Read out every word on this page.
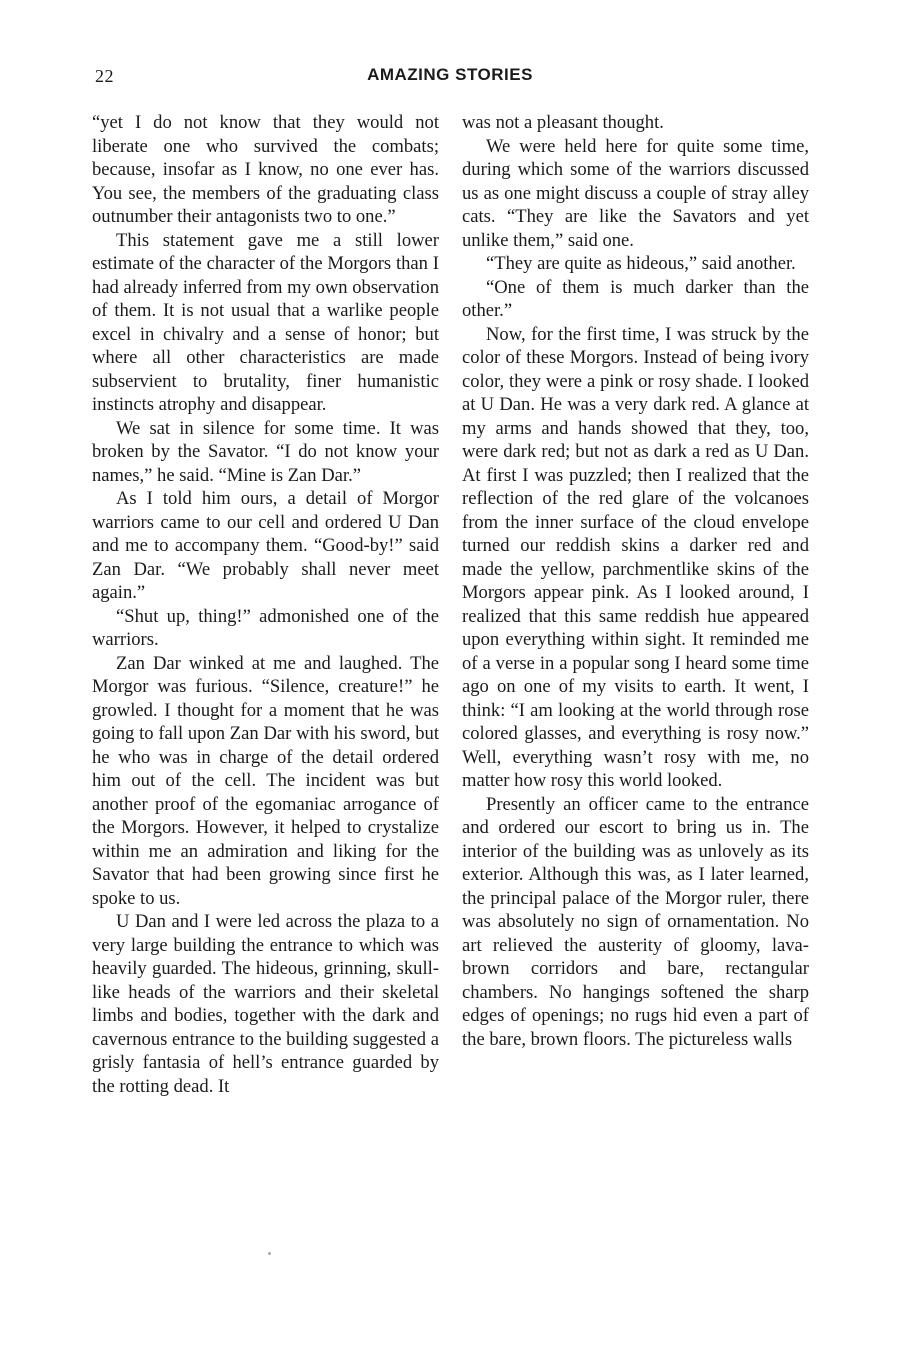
22	AMAZING STORIES

“yet I do not know that they would not liberate one who survived the combats; because, insofar as I know, no one ever has. You see, the members of the graduating class outnumber their antagonists two to one.”

This statement gave me a still lower estimate of the character of the Morgors than I had already inferred from my own observation of them. It is not usual that a warlike people excel in chivalry and a sense of honor; but where all other characteristics are made subservient to brutality, finer humanistic instincts atrophy and disappear.

We sat in silence for some time. It was broken by the Savator. “I do not know your names,” he said. “Mine is Zan Dar.”

As I told him ours, a detail of Morgor warriors came to our cell and ordered U Dan and me to accompany them. “Good-by!” said Zan Dar. “We probably shall never meet again.”

“Shut up, thing!” admonished one of the warriors.

Zan Dar winked at me and laughed. The Morgor was furious. “Silence, creature!” he growled. I thought for a moment that he was going to fall upon Zan Dar with his sword, but he who was in charge of the detail ordered him out of the cell. The incident was but another proof of the egomaniac arrogance of the Morgors. However, it helped to crystalize within me an admiration and liking for the Savator that had been growing since first he spoke to us.

U Dan and I were led across the plaza to a very large building the entrance to which was heavily guarded. The hideous, grinning, skull-like heads of the warriors and their skeletal limbs and bodies, together with the dark and cavernous entrance to the building suggested a grisly fantasia of hell’s entrance guarded by the rotting dead. It

was not a pleasant thought.

We were held here for quite some time, during which some of the warriors discussed us as one might discuss a couple of stray alley cats. “They are like the Savators and yet unlike them,” said one.

“They are quite as hideous,” said another.

“One of them is much darker than the other.”

Now, for the first time, I was struck by the color of these Morgors. Instead of being ivory color, they were a pink or rosy shade. I looked at U Dan. He was a very dark red. A glance at my arms and hands showed that they, too, were dark red; but not as dark a red as U Dan. At first I was puzzled; then I realized that the reflection of the red glare of the volcanoes from the inner surface of the cloud envelope turned our reddish skins a darker red and made the yellow, parchmentlike skins of the Morgors appear pink. As I looked around, I realized that this same reddish hue appeared upon everything within sight. It reminded me of a verse in a popular song I heard some time ago on one of my visits to earth. It went, I think: “I am looking at the world through rose colored glasses, and everything is rosy now.” Well, everything wasn’t rosy with me, no matter how rosy this world looked.

Presently an officer came to the entrance and ordered our escort to bring us in. The interior of the building was as unlovely as its exterior. Although this was, as I later learned, the principal palace of the Morgor ruler, there was absolutely no sign of ornamentation. No art relieved the austerity of gloomy, lava-brown corridors and bare, rectangular chambers. No hangings softened the sharp edges of openings; no rugs hid even a part of the bare, brown floors. The pictureless walls
